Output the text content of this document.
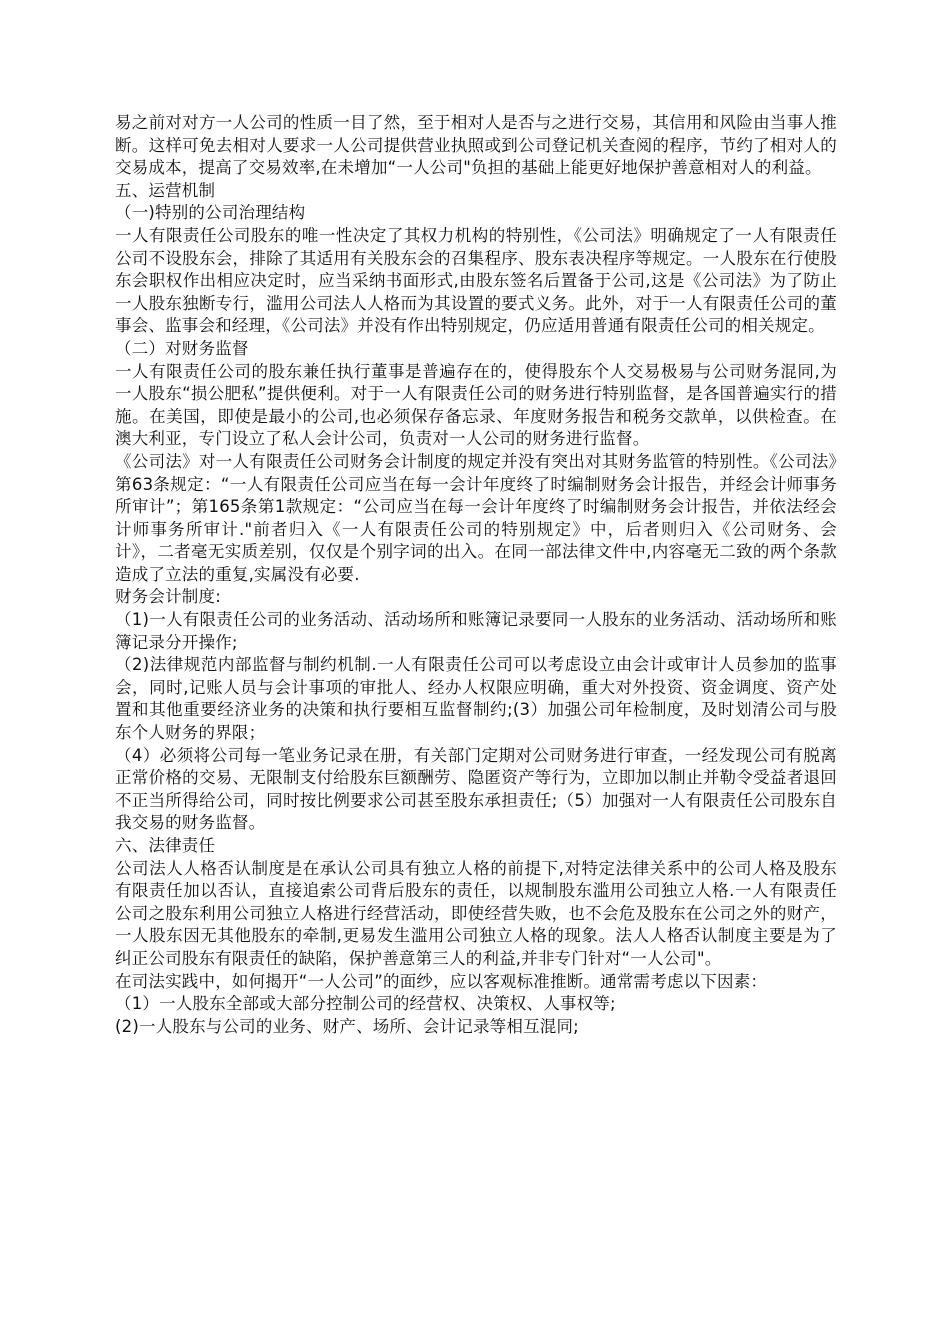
易之前对对方一人公司的性质一目了然，至于相对人是否与之进行交易，其信用和风险由当事人推断。这样可免去相对人要求一人公司提供营业执照或到公司登记机关查阅的程序，节约了相对人的交易成本，提高了交易效率,在未增加“一人公司"负担的基础上能更好地保护善意相对人的利益。

五、运营机制

（一)特别的公司治理结构

一人有限责任公司股东的唯一性决定了其权力机构的特别性，《公司法》明确规定了一人有限责任公司不设股东会，排除了其适用有关股东会的召集程序、股东表决程序等规定。一人股东在行使股东会职权作出相应决定时，应当采纳书面形式,由股东签名后置备于公司,这是《公司法》为了防止一人股东独断专行，滥用公司法人人格而为其设置的要式义务。此外，对于一人有限责任公司的董事会、监事会和经理，《公司法》并没有作出特别规定，仍应适用普通有限责任公司的相关规定。

（二）对财务监督

一人有限责任公司的股东兼任执行董事是普遍存在的，使得股东个人交易极易与公司财务混同,为一人股东“损公肥私”提供便利。对于一人有限责任公司的财务进行特别监督，是各国普遍实行的措施。在美国，即使是最小的公司,也必须保存备忘录、年度财务报告和税务交款单，以供检查。在澳大利亚，专门设立了私人会计公司，负责对一人公司的财务进行监督。

《公司法》对一人有限责任公司财务会计制度的规定并没有突出对其财务监管的特别性。《公司法》第63条规定：“一人有限责任公司应当在每一会计年度终了时编制财务会计报告，并经会计师事务所审计”；第165条第1款规定：“公司应当在每一会计年度终了时编制财务会计报告，并依法经会计师事务所审计."前者归入《一人有限责任公司的特别规定》中，后者则归入《公司财务、会计》，二者毫无实质差别，仅仅是个别字词的出入。在同一部法律文件中,内容毫无二致的两个条款造成了立法的重复,实属没有必要.

财务会计制度:

（1)一人有限责任公司的业务活动、活动场所和账簿记录要同一人股东的业务活动、活动场所和账簿记录分开操作;

（2)法律规范内部监督与制约机制.一人有限责任公司可以考虑设立由会计或审计人员参加的监事会，同时,记账人员与会计事项的审批人、经办人权限应明确，重大对外投资、资金调度、资产处置和其他重要经济业务的决策和执行要相互监督制约;(3）加强公司年检制度，及时划清公司与股东个人财务的界限；

（4）必须将公司每一笔业务记录在册，有关部门定期对公司财务进行审查，一经发现公司有脱离正常价格的交易、无限制支付给股东巨额酬劳、隐匿资产等行为，立即加以制止并勒令受益者退回不正当所得给公司，同时按比例要求公司甚至股东承担责任;（5）加强对一人有限责任公司股东自我交易的财务监督。

六、法律责任

公司法人人格否认制度是在承认公司具有独立人格的前提下,对特定法律关系中的公司人格及股东有限责任加以否认，直接追索公司背后股东的责任，以规制股东滥用公司独立人格.一人有限责任公司之股东利用公司独立人格进行经营活动，即使经营失败，也不会危及股东在公司之外的财产，一人股东因无其他股东的牵制,更易发生滥用公司独立人格的现象。法人人格否认制度主要是为了纠正公司股东有限责任的缺陷，保护善意第三人的利益,并非专门针对“一人公司"。

在司法实践中，如何揭开“一人公司”的面纱，应以客观标准推断。通常需考虑以下因素：

（1）一人股东全部或大部分控制公司的经营权、决策权、人事权等;

(2)一人股东与公司的业务、财产、场所、会计记录等相互混同;
